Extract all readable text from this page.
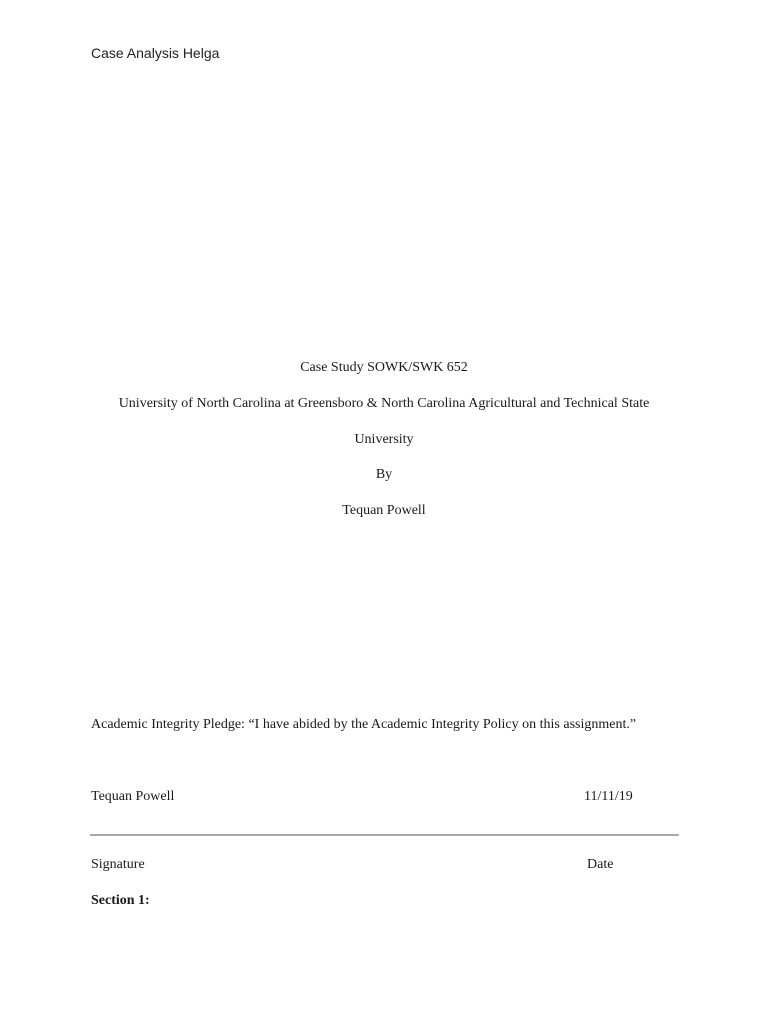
Case Analysis Helga
Case Study SOWK/SWK 652
University of North Carolina at Greensboro & North Carolina Agricultural and Technical State
University
By
Tequan Powell
Academic Integrity Pledge: “I have abided by the Academic Integrity Policy on this assignment.”
Tequan Powell	11/11/19
Signature	Date
Section 1:
